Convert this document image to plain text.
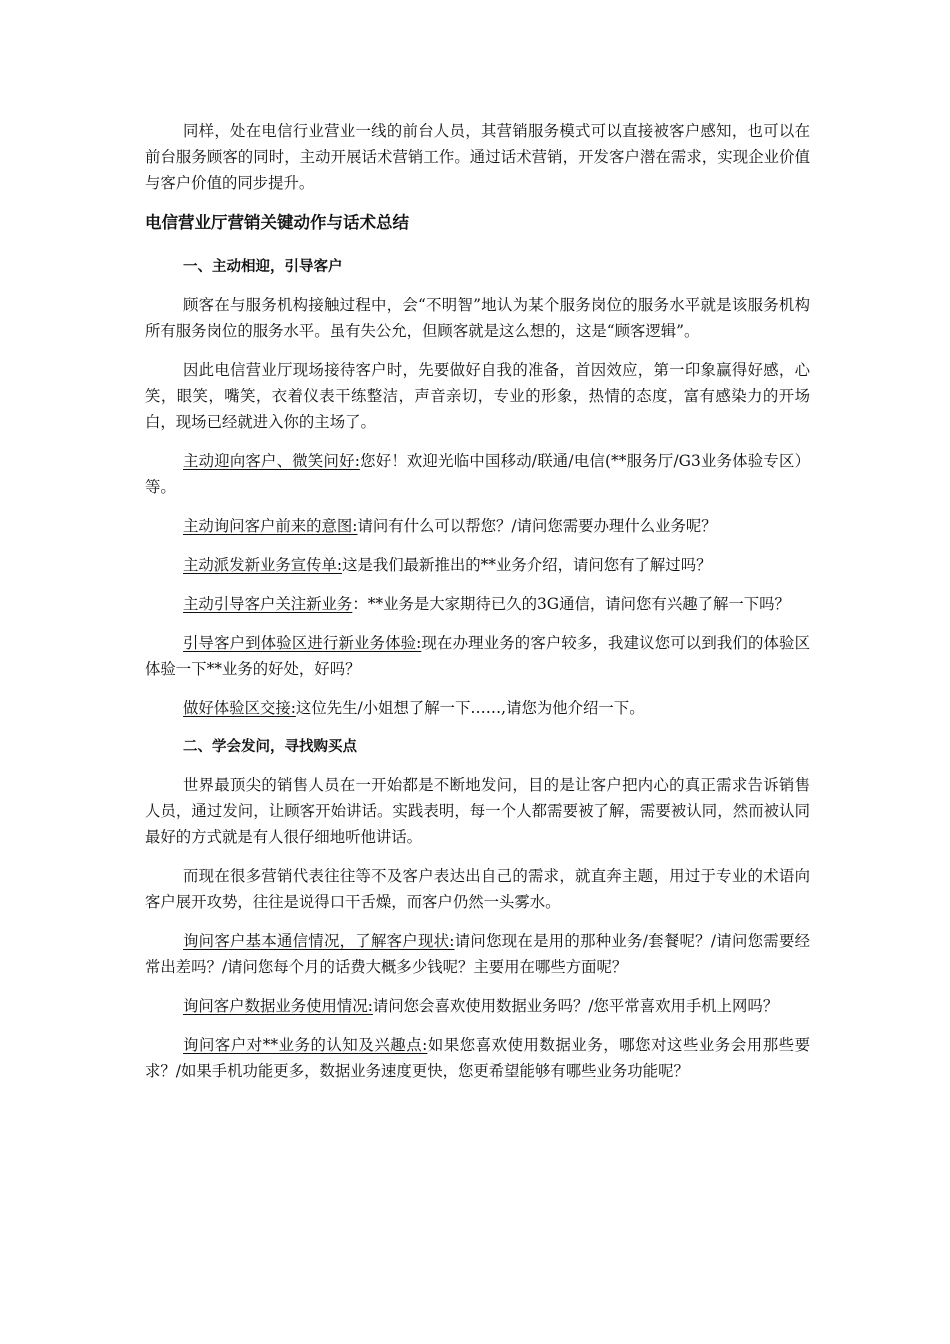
同样，处在电信行业营业一线的前台人员，其营销服务模式可以直接被客户感知，也可以在前台服务顾客的同时，主动开展话术营销工作。通过话术营销，开发客户潜在需求，实现企业价值与客户价值的同步提升。

电信营业厅营销关键动作与话术总结
一、主动相迎，引导客户

顾客在与服务机构接触过程中，会“不明智”地认为某个服务岗位的服务水平就是该服务机构所有服务岗位的服务水平。虽有失公允，但顾客就是这么想的，这是“顾客逻辑”。

因此电信营业厅现场接待客户时，先要做好自我的准备，首因效应，第一印象赢得好感，心笑，眼笑，嘴笑，衣着仪表干练整洁，声音亲切，专业的形象，热情的态度，富有感染力的开场白，现场已经就进入你的主场了。

主动迎向客户、微笑问好:您好！欢迎光临中国移动/联通/电信(**服务厅/G3业务体验专区）等。

主动询问客户前来的意图:请问有什么可以帮您？/请问您需要办理什么业务呢？

主动派发新业务宣传单:这是我们最新推出的**业务介绍，请问您有了解过吗？

主动引导客户关注新业务：**业务是大家期待已久的3G通信，请问您有兴趣了解一下吗？

引导客户到体验区进行新业务体验:现在办理业务的客户较多，我建议您可以到我们的体验区体验一下**业务的好处，好吗？

做好体验区交接:这位先生/小姐想了解一下……,请您为他介绍一下。

二、学会发问，寻找购买点

世界最顶尖的销售人员在一开始都是不断地发问，目的是让客户把内心的真正需求告诉销售人员，通过发问，让顾客开始讲话。实践表明，每一个人都需要被了解，需要被认同，然而被认同最好的方式就是有人很仔细地听他讲话。

而现在很多营销代表往往等不及客户表达出自己的需求，就直奔主题，用过于专业的术语向客户展开攻势，往往是说得口干舌燥，而客户仍然一头雾水。

询问客户基本通信情况，了解客户现状:请问您现在是用的那种业务/套餐呢？/请问您需要经常出差吗？/请问您每个月的话费大概多少钱呢？主要用在哪些方面呢？

询问客户数据业务使用情况:请问您会喜欢使用数据业务吗？/您平常喜欢用手机上网吗？

询问客户对**业务的认知及兴趣点:如果您喜欢使用数据业务，哪您对这些业务会用那些要求？/如果手机功能更多，数据业务速度更快，您更希望能够有哪些业务功能呢？
